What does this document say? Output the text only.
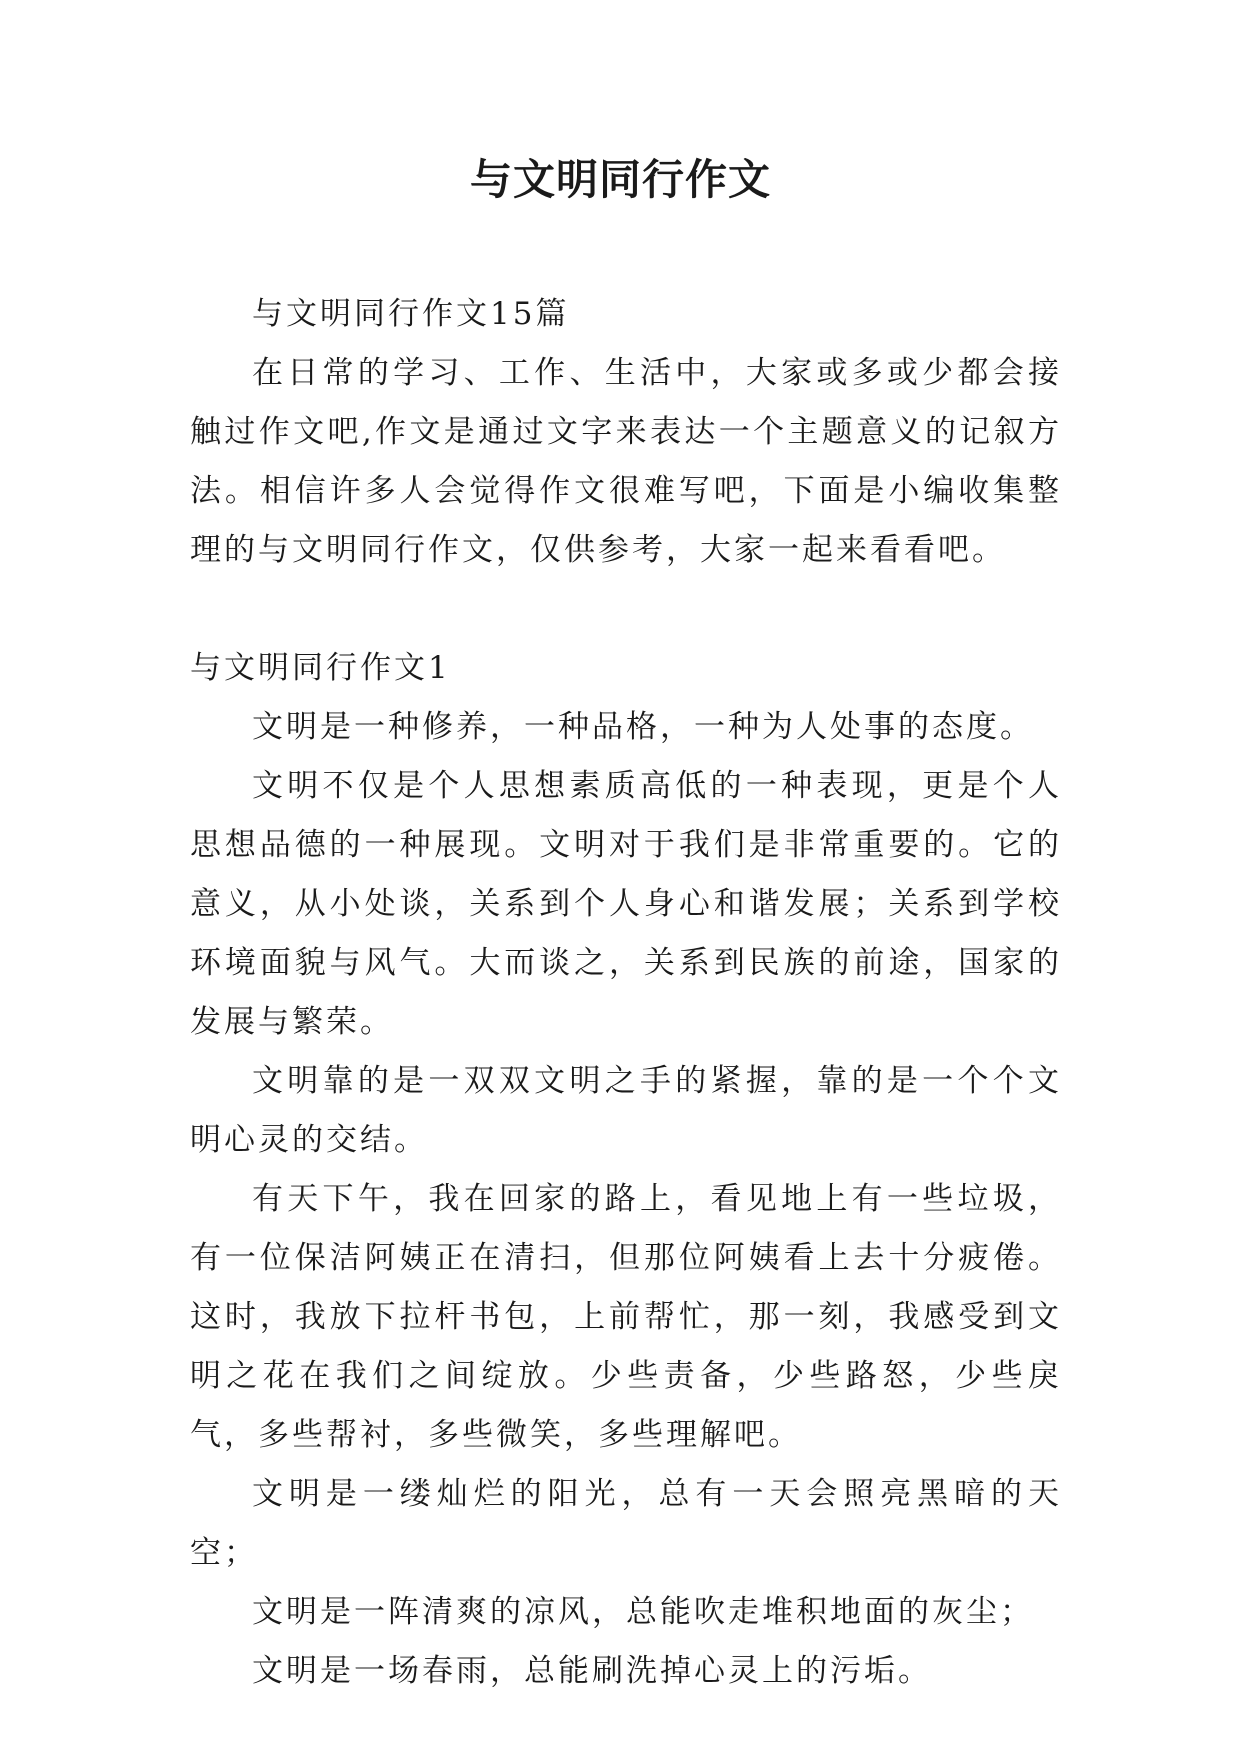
与文明同行作文

与文明同行作文15篇

在日常的学习、工作、生活中，大家或多或少都会接触过作文吧,作文是通过文字来表达一个主题意义的记叙方法。相信许多人会觉得作文很难写吧，下面是小编收集整理的与文明同行作文，仅供参考，大家一起来看看吧。

与文明同行作文1

文明是一种修养，一种品格，一种为人处事的态度。

文明不仅是个人思想素质高低的一种表现，更是个人思想品德的一种展现。文明对于我们是非常重要的。它的意义，从小处谈，关系到个人身心和谐发展；关系到学校环境面貌与风气。大而谈之，关系到民族的前途，国家的发展与繁荣。

文明靠的是一双双文明之手的紧握，靠的是一个个文明心灵的交结。

有天下午，我在回家的路上，看见地上有一些垃圾，有一位保洁阿姨正在清扫，但那位阿姨看上去十分疲倦。这时，我放下拉杆书包，上前帮忙，那一刻，我感受到文明之花在我们之间绽放。少些责备，少些路怒，少些戾气，多些帮衬，多些微笑，多些理解吧。

文明是一缕灿烂的阳光，总有一天会照亮黑暗的天空；

文明是一阵清爽的凉风，总能吹走堆积地面的灰尘；

文明是一场春雨，总能刷洗掉心灵上的污垢。
